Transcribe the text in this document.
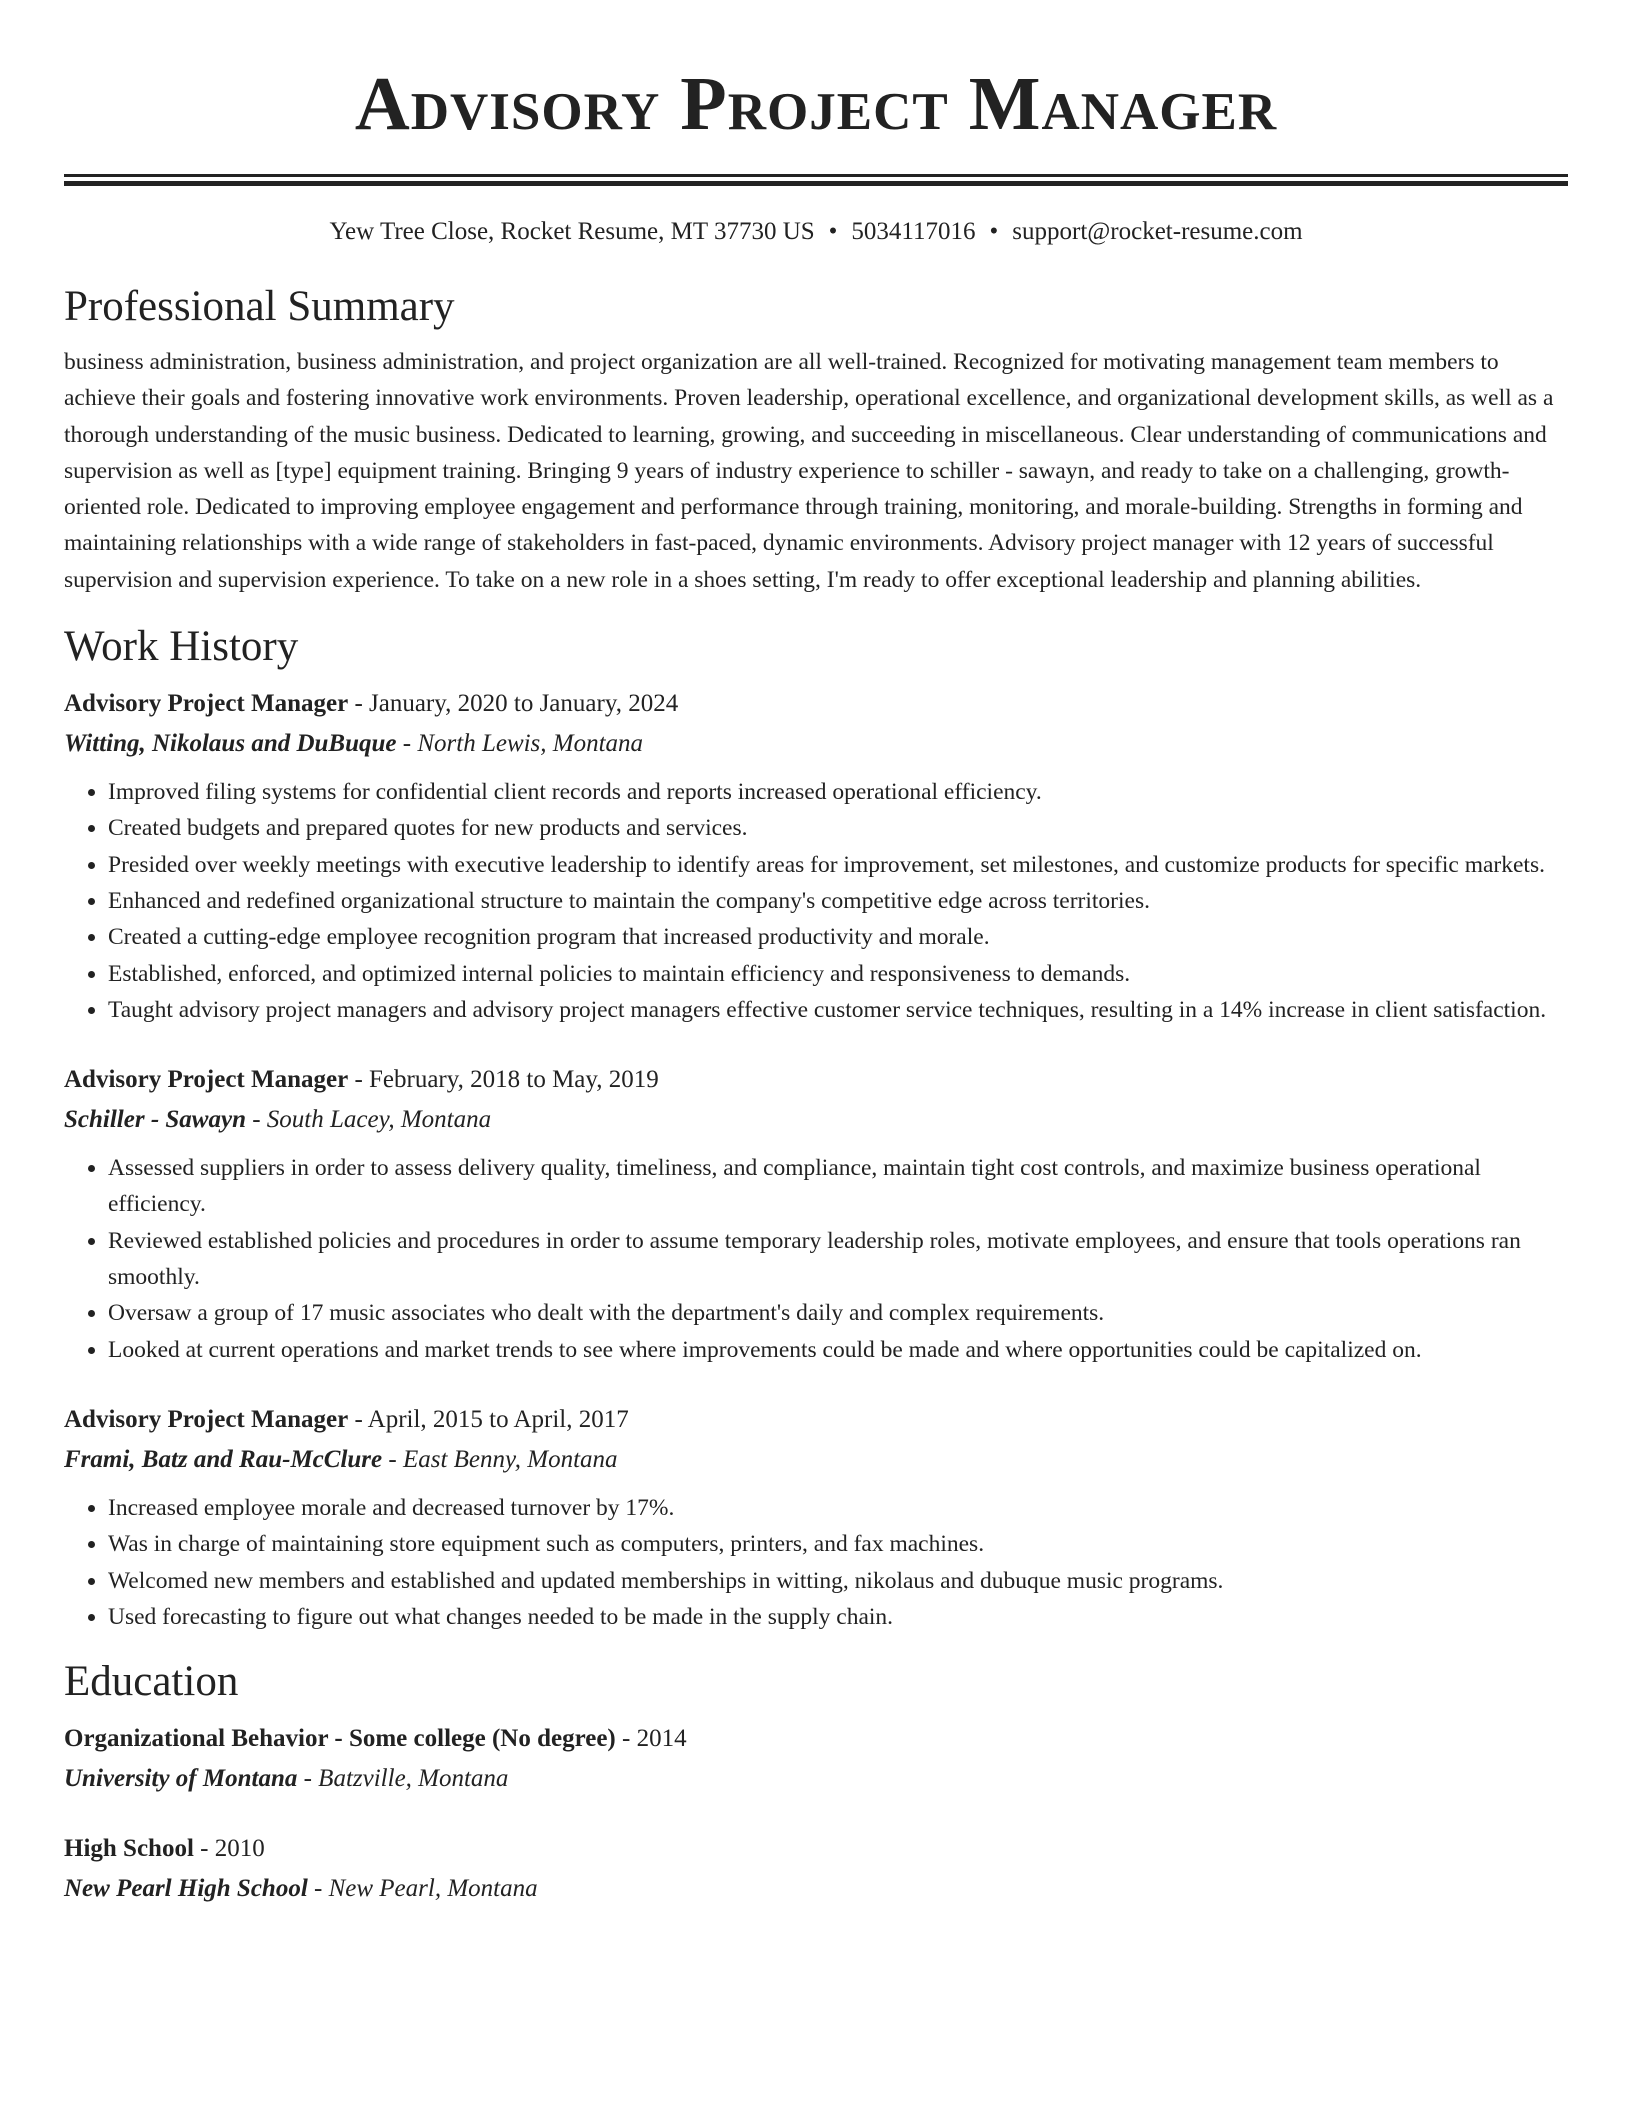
Advisory Project Manager
Yew Tree Close, Rocket Resume, MT 37730 US • 5034117016 • support@rocket-resume.com
Professional Summary

business administration, business administration, and project organization are all well-trained. Recognized for motivating management team members to achieve their goals and fostering innovative work environments. Proven leadership, operational excellence, and organizational development skills, as well as a thorough understanding of the music business. Dedicated to learning, growing, and succeeding in miscellaneous. Clear understanding of communications and supervision as well as [type] equipment training. Bringing 9 years of industry experience to schiller - sawayn, and ready to take on a challenging, growth-oriented role. Dedicated to improving employee engagement and performance through training, monitoring, and morale-building. Strengths in forming and maintaining relationships with a wide range of stakeholders in fast-paced, dynamic environments. Advisory project manager with 12 years of successful supervision and supervision experience. To take on a new role in a shoes setting, I'm ready to offer exceptional leadership and planning abilities.

Work History
Advisory Project Manager - January, 2020 to January, 2024
Witting, Nikolaus and DuBuque - North Lewis, Montana
• Improved filing systems for confidential client records and reports increased operational efficiency.
• Created budgets and prepared quotes for new products and services.
• Presided over weekly meetings with executive leadership to identify areas for improvement, set milestones, and customize products for specific markets.
• Enhanced and redefined organizational structure to maintain the company's competitive edge across territories.
• Created a cutting-edge employee recognition program that increased productivity and morale.
• Established, enforced, and optimized internal policies to maintain efficiency and responsiveness to demands.
• Taught advisory project managers and advisory project managers effective customer service techniques, resulting in a 14% increase in client satisfaction.
Advisory Project Manager - February, 2018 to May, 2019
Schiller - Sawayn - South Lacey, Montana
• Assessed suppliers in order to assess delivery quality, timeliness, and compliance, maintain tight cost controls, and maximize business operational efficiency.
• Reviewed established policies and procedures in order to assume temporary leadership roles, motivate employees, and ensure that tools operations ran smoothly.
• Oversaw a group of 17 music associates who dealt with the department's daily and complex requirements.
• Looked at current operations and market trends to see where improvements could be made and where opportunities could be capitalized on.
Advisory Project Manager - April, 2015 to April, 2017
Frami, Batz and Rau-McClure - East Benny, Montana
• Increased employee morale and decreased turnover by 17%.
• Was in charge of maintaining store equipment such as computers, printers, and fax machines.
• Welcomed new members and established and updated memberships in witting, nikolaus and dubuque music programs.
• Used forecasting to figure out what changes needed to be made in the supply chain.
Education
Organizational Behavior - Some college (No degree) - 2014
University of Montana - Batzville, Montana
High School - 2010
New Pearl High School - New Pearl, Montana
